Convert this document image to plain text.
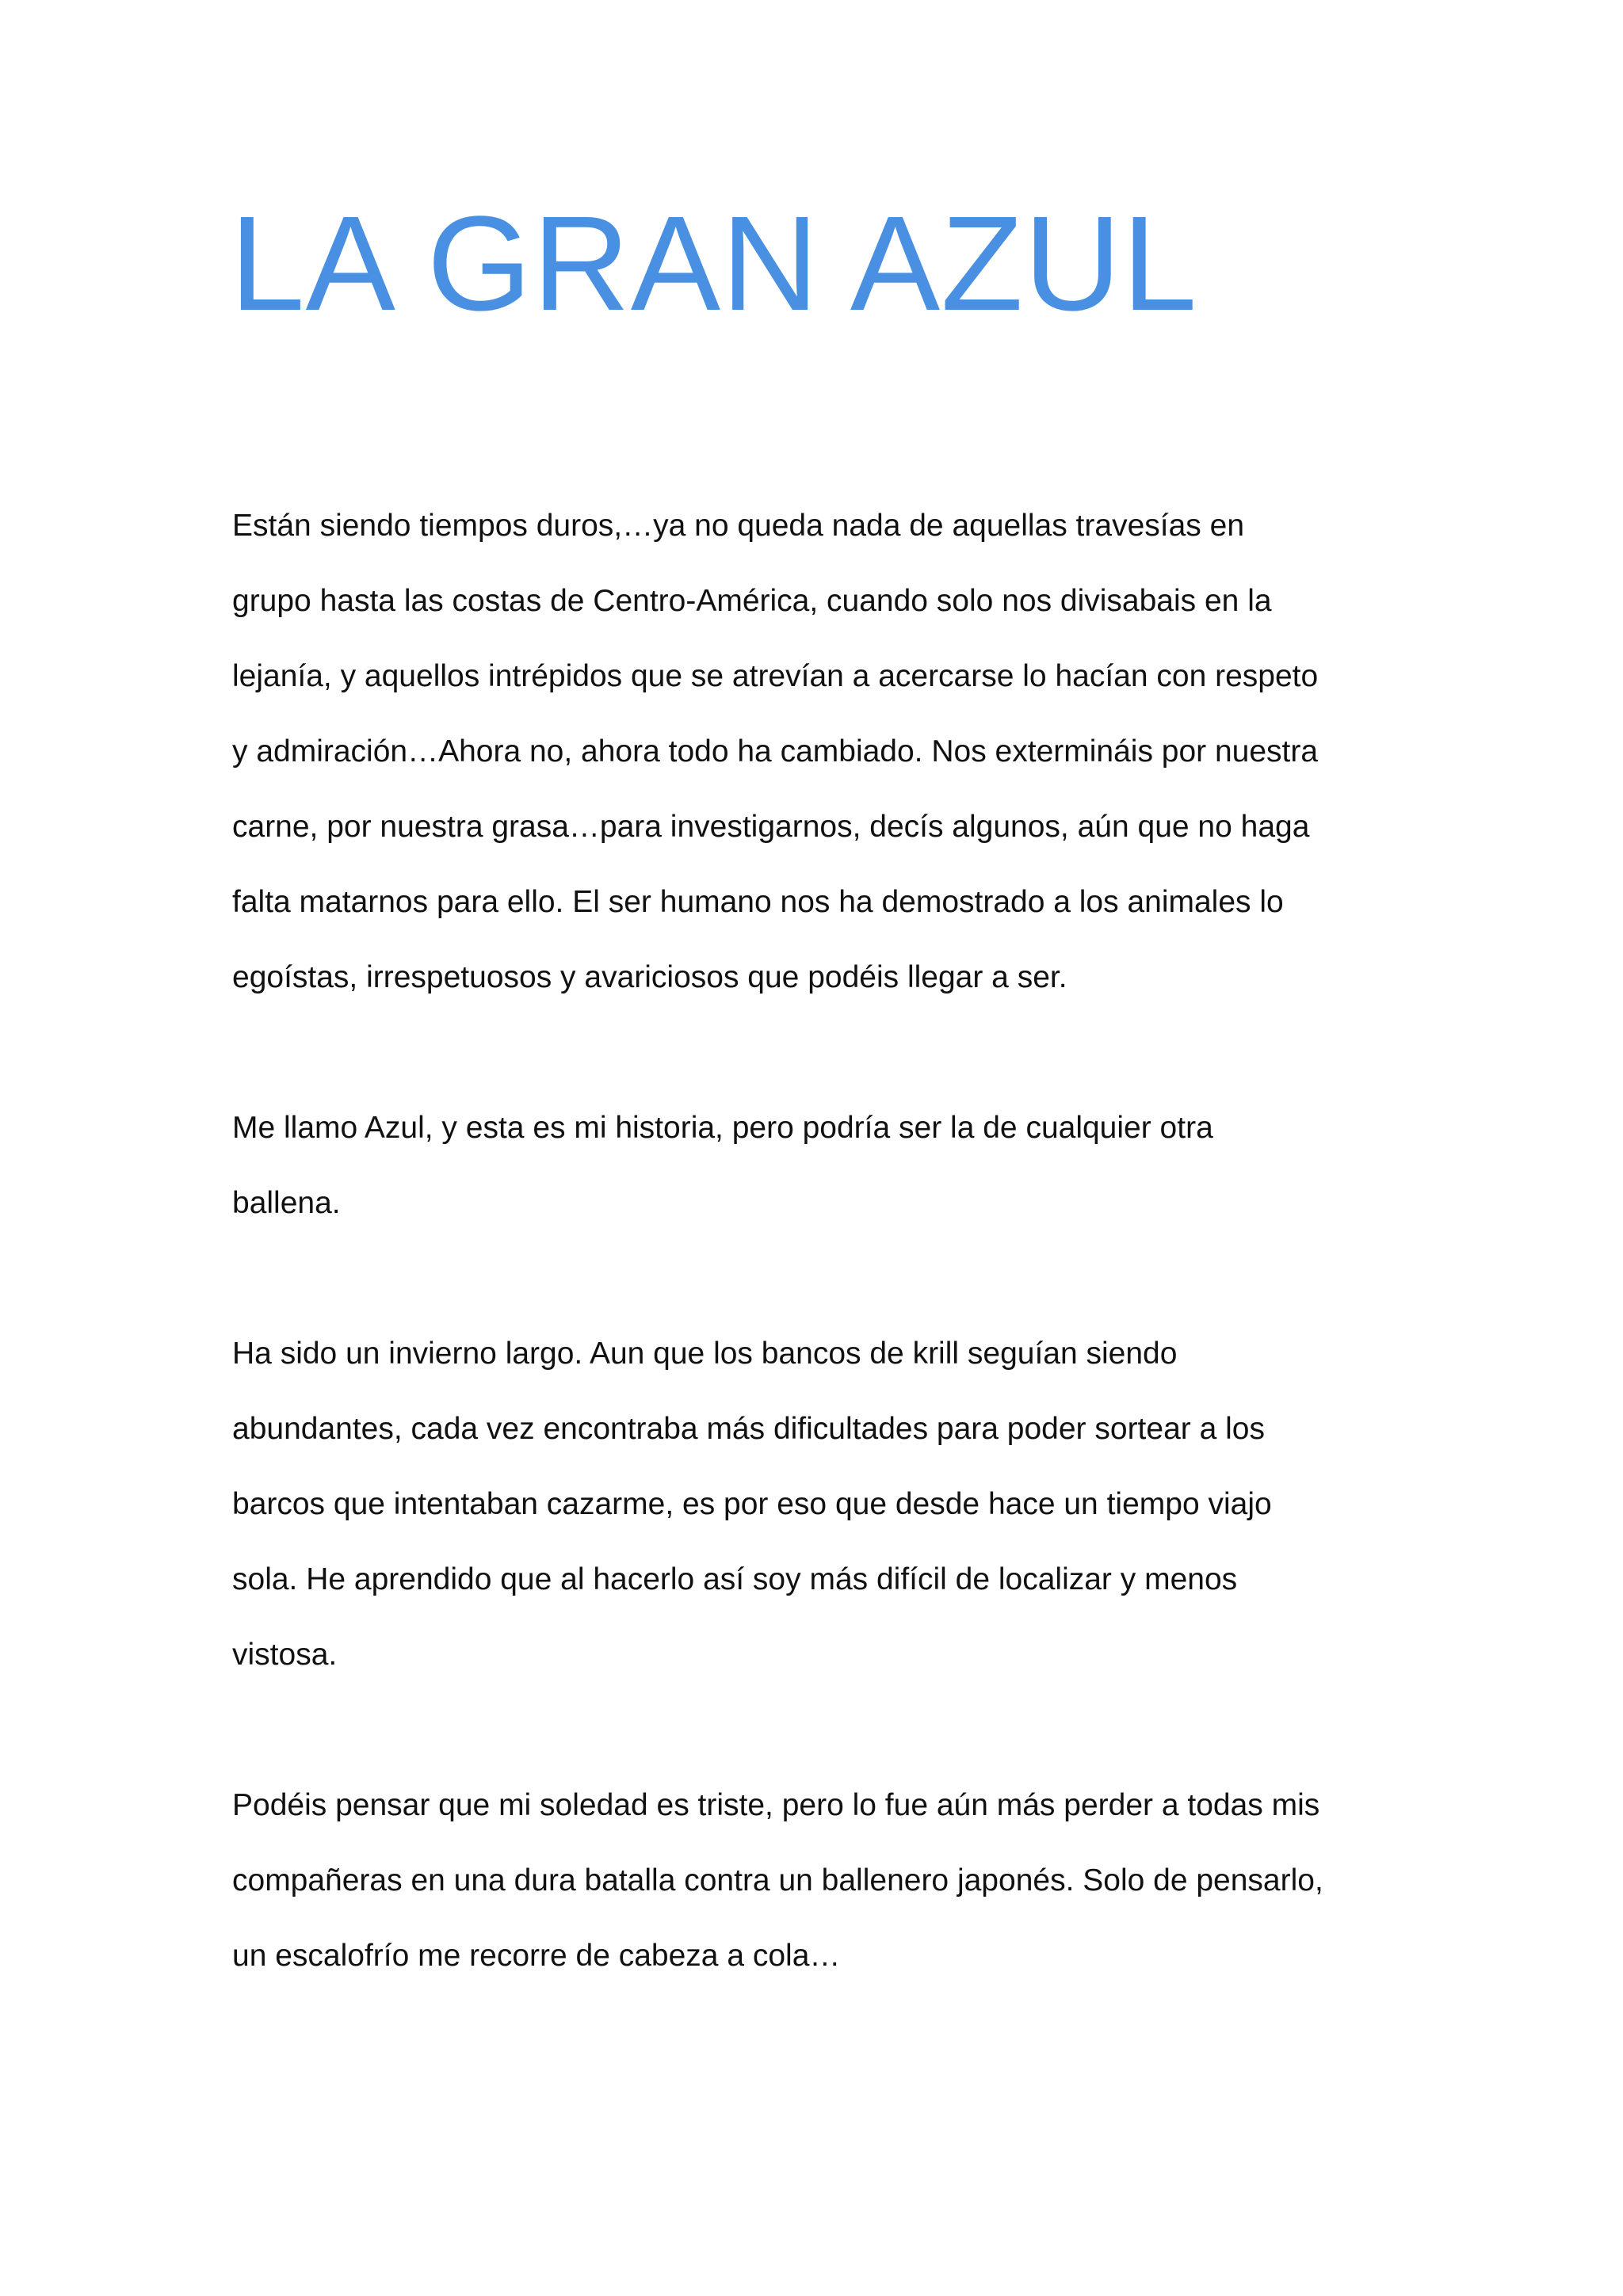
LA GRAN AZUL

Están siendo tiempos duros,…ya no queda nada de aquellas travesías en
grupo hasta las costas de Centro-América, cuando solo nos divisabais en la
lejanía, y aquellos intrépidos que se atrevían a acercarse lo hacían con respeto
y admiración…Ahora no, ahora todo ha cambiado. Nos extermináis por nuestra
carne, por nuestra grasa…para investigarnos, decís algunos, aún que no haga
falta matarnos para ello. El ser humano nos ha demostrado a los animales lo
egoístas, irrespetuosos y avariciosos que podéis llegar a ser.

Me llamo Azul, y esta es mi historia, pero podría ser la de cualquier otra
ballena.

Ha sido un invierno largo. Aun que los bancos de krill seguían siendo
abundantes, cada vez encontraba más dificultades para poder sortear a los
barcos que intentaban cazarme, es por eso que desde hace un tiempo viajo
sola. He aprendido que al hacerlo así soy más difícil de localizar y menos
vistosa.

Podéis pensar que mi soledad es triste, pero lo fue aún más perder a todas mis
compañeras en una dura batalla contra un ballenero japonés. Solo de pensarlo,
un escalofrío me recorre de cabeza a cola…
